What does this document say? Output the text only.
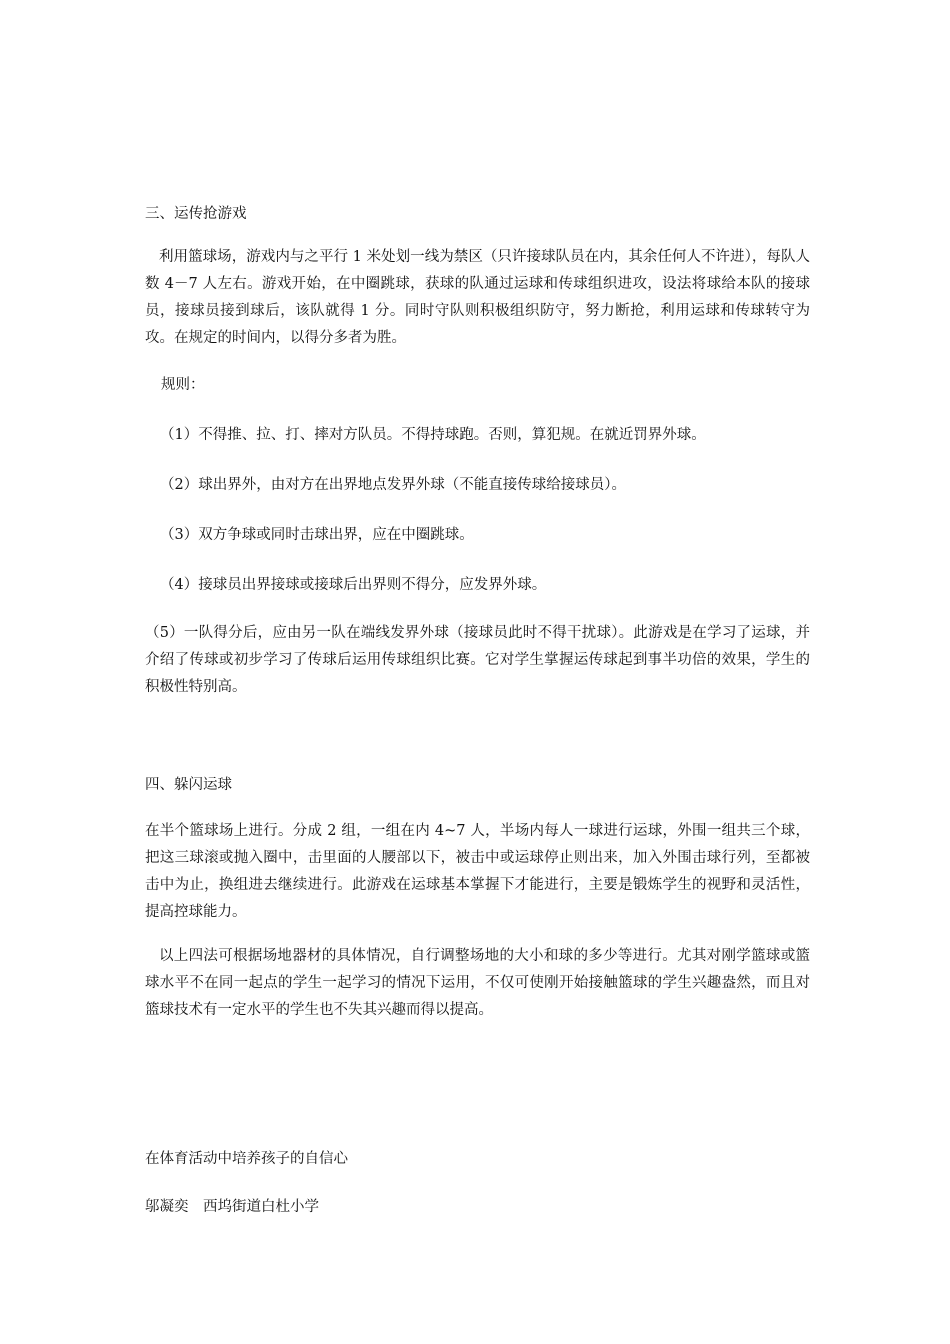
三、运传抢游戏

利用篮球场，游戏内与之平行 1 米处划一线为禁区（只许接球队员在内，其余任何人不许进），每队人数 4－7 人左右。游戏开始，在中圈跳球，获球的队通过运球和传球组织进攻，设法将球给本队的接球员，接球员接到球后，该队就得 1 分。同时守队则积极组织防守，努力断抢，利用运球和传球转守为攻。在规定的时间内，以得分多者为胜。

规则：

（1）不得推、拉、打、摔对方队员。不得持球跑。否则，算犯规。在就近罚界外球。

（2）球出界外，由对方在出界地点发界外球（不能直接传球给接球员）。

（3）双方争球或同时击球出界，应在中圈跳球。

（4）接球员出界接球或接球后出界则不得分，应发界外球。

（5）一队得分后，应由另一队在端线发界外球（接球员此时不得干扰球）。此游戏是在学习了运球，并介绍了传球或初步学习了传球后运用传球组织比赛。它对学生掌握运传球起到事半功倍的效果，学生的积极性特别高。

四、躲闪运球

在半个篮球场上进行。分成 2 组，一组在内 4~7 人，半场内每人一球进行运球，外围一组共三个球，把这三球滚或抛入圈中，击里面的人腰部以下，被击中或运球停止则出来，加入外围击球行列，至都被击中为止，换组进去继续进行。此游戏在运球基本掌握下才能进行，主要是锻炼学生的视野和灵活性，提高控球能力。

以上四法可根据场地器材的具体情况，自行调整场地的大小和球的多少等进行。尤其对刚学篮球或篮球水平不在同一起点的学生一起学习的情况下运用，不仅可使刚开始接触篮球的学生兴趣盎然，而且对篮球技术有一定水平的学生也不失其兴趣而得以提高。

在体育活动中培养孩子的自信心

邬凝奕　西坞街道白杜小学
